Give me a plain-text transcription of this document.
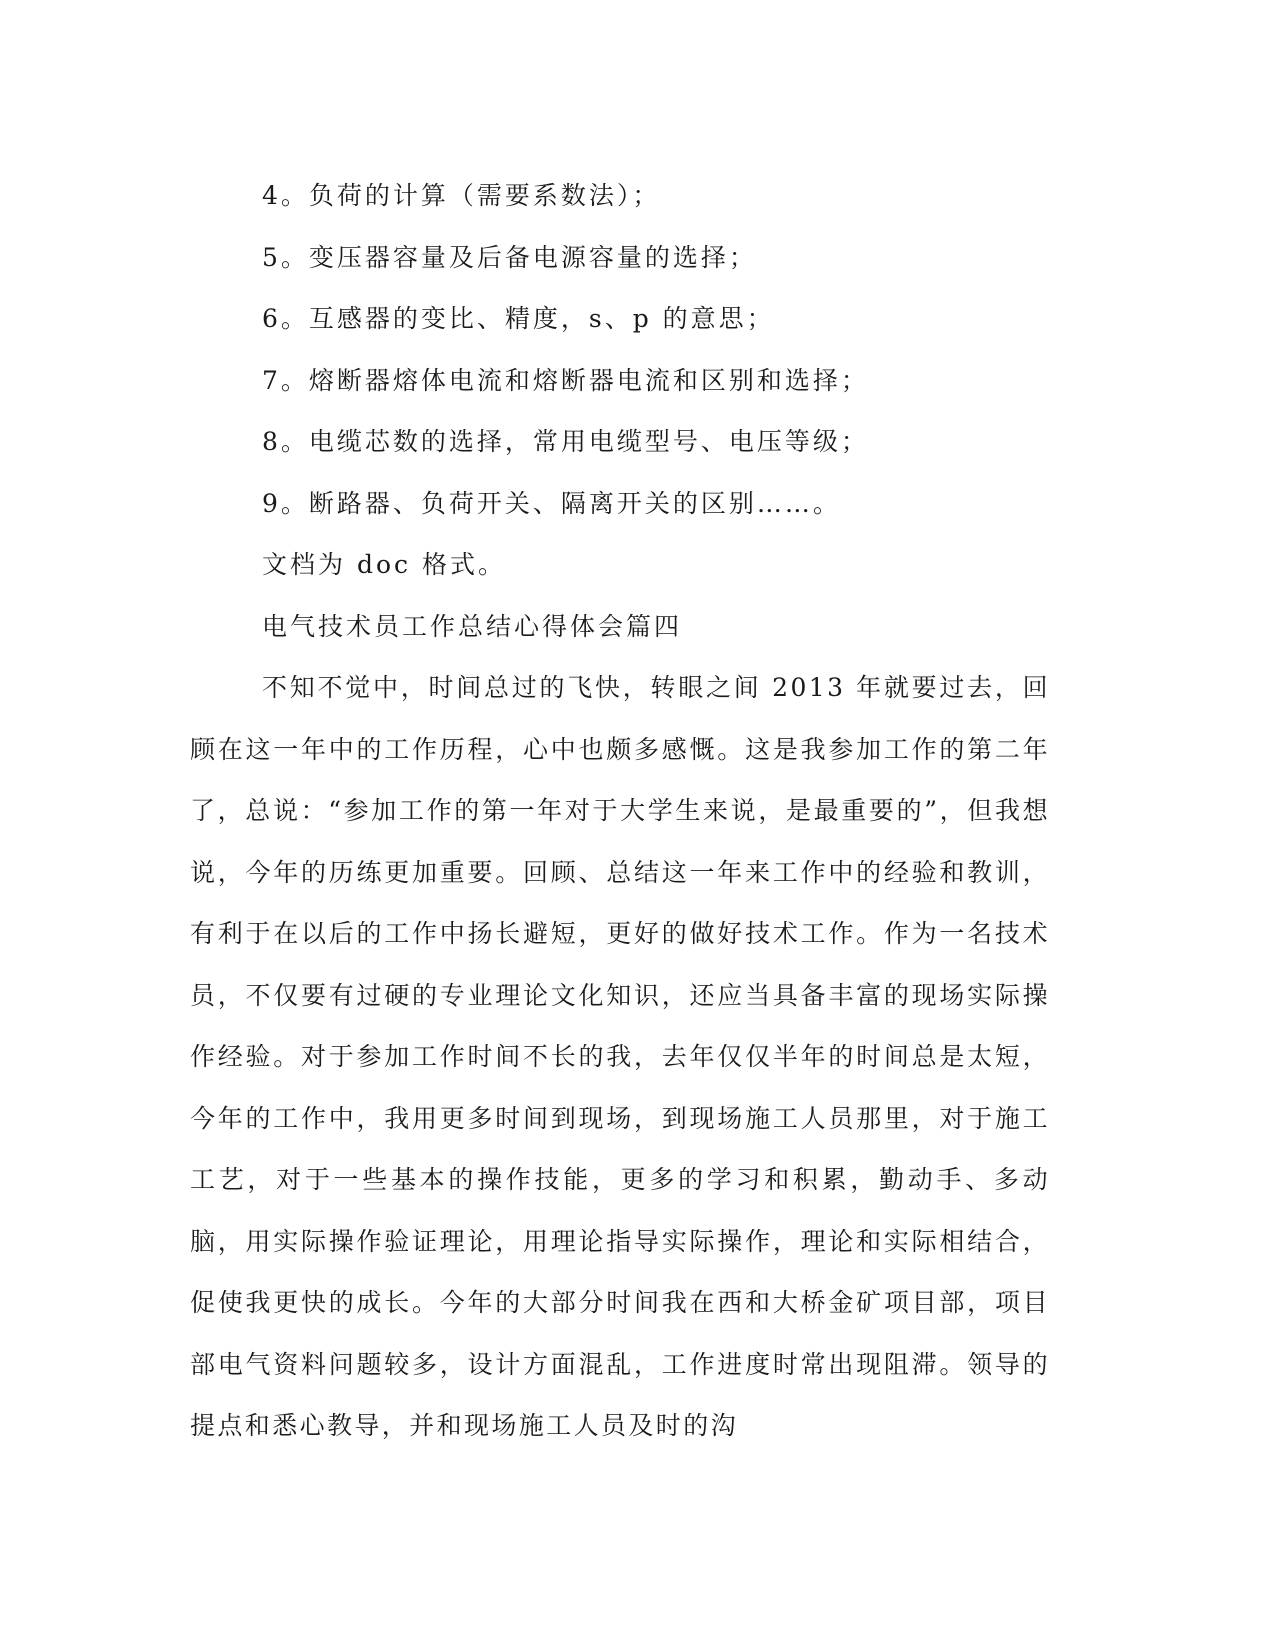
4。负荷的计算（需要系数法）；
5。变压器容量及后备电源容量的选择；
6。互感器的变比、精度，s、p 的意思；
7。熔断器熔体电流和熔断器电流和区别和选择；
8。电缆芯数的选择，常用电缆型号、电压等级；
9。断路器、负荷开关、隔离开关的区别……。
文档为 doc 格式。
电气技术员工作总结心得体会篇四

不知不觉中，时间总过的飞快，转眼之间 2013 年就要过去，回顾在这一年中的工作历程，心中也颇多感慨。这是我参加工作的第二年了，总说：“参加工作的第一年对于大学生来说，是最重要的”，但我想说，今年的历练更加重要。回顾、总结这一年来工作中的经验和教训，有利于在以后的工作中扬长避短，更好的做好技术工作。作为一名技术员，不仅要有过硬的专业理论文化知识，还应当具备丰富的现场实际操作经验。对于参加工作时间不长的我，去年仅仅半年的时间总是太短，今年的工作中，我用更多时间到现场，到现场施工人员那里，对于施工工艺，对于一些基本的操作技能，更多的学习和积累，勤动手、多动脑，用实际操作验证理论，用理论指导实际操作，理论和实际相结合，促使我更快的成长。今年的大部分时间我在西和大桥金矿项目部，项目部电气资料问题较多，设计方面混乱，工作进度时常出现阻滞。领导的提点和悉心教导，并和现场施工人员及时的沟
